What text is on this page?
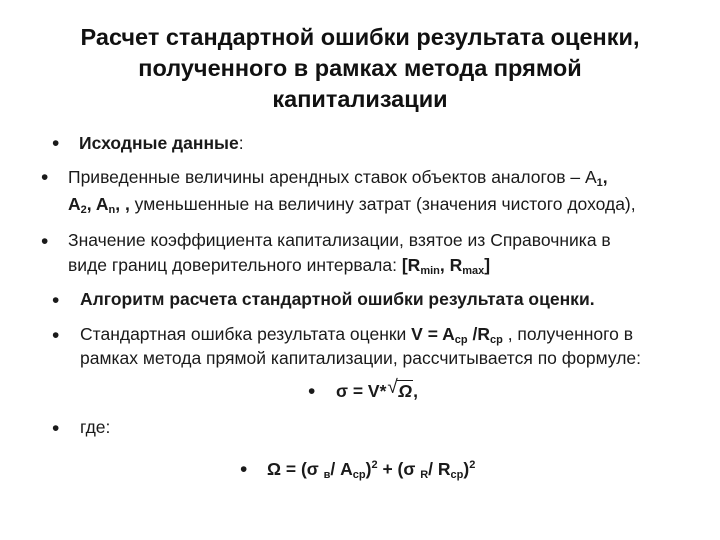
Расчет стандартной ошибки результата оценки,
полученного в рамках метода прямой
капитализации
• Исходные данные:
• Приведенные величины арендных ставок объектов аналогов – $A_1$,
$A_2$, $A_n$, , уменьшенные на величину затрат (значения чистого дохода),
• Значение коэффициента капитализации, взятое из Справочника в
виде границ доверительного интервала: [$R_{min}$, $R_{max}$]
• Алгоритм расчета стандартной ошибки результата оценки.
• Стандартная ошибка результата оценки $V = A_{ср}$ $/R_{ср}$ , полученного в
рамках метода прямой капитализации, рассчитывается по формуле:
• σ = V* √ Ω,
• где:
• Ω = (σ $_в$/ $A_{ср})^2 + (\sigma$ $_R$/ $R_{ср})^2$
